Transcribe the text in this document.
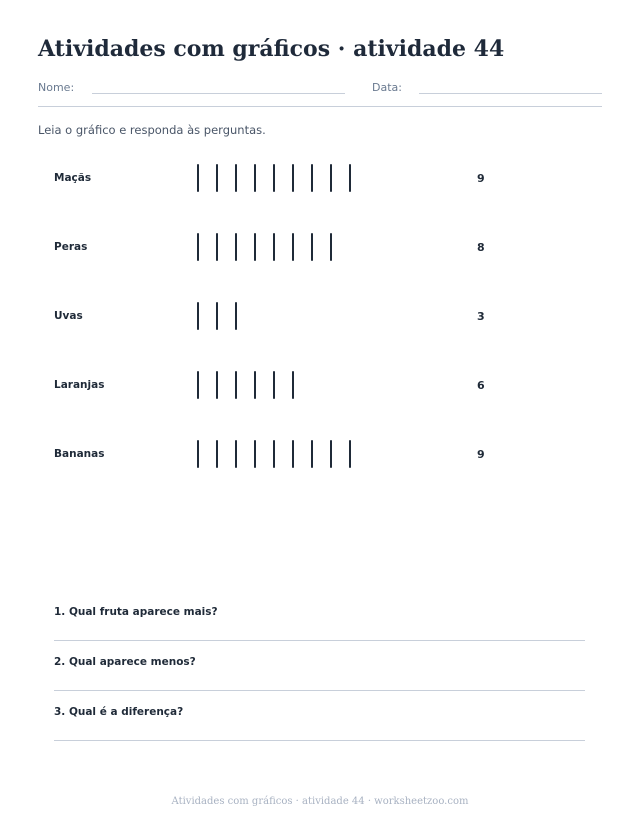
Atividades com gráficos · atividade 44
Nome:	Data:
Leia o gráfico e responda às perguntas.
Maçãs	9
Peras	8
Uvas	3
Laranjas	6
Bananas	9
1. Qual fruta aparece mais?
2. Qual aparece menos?
3. Qual é a diferença?
Atividades com gráficos · atividade 44 · worksheetzoo.com
